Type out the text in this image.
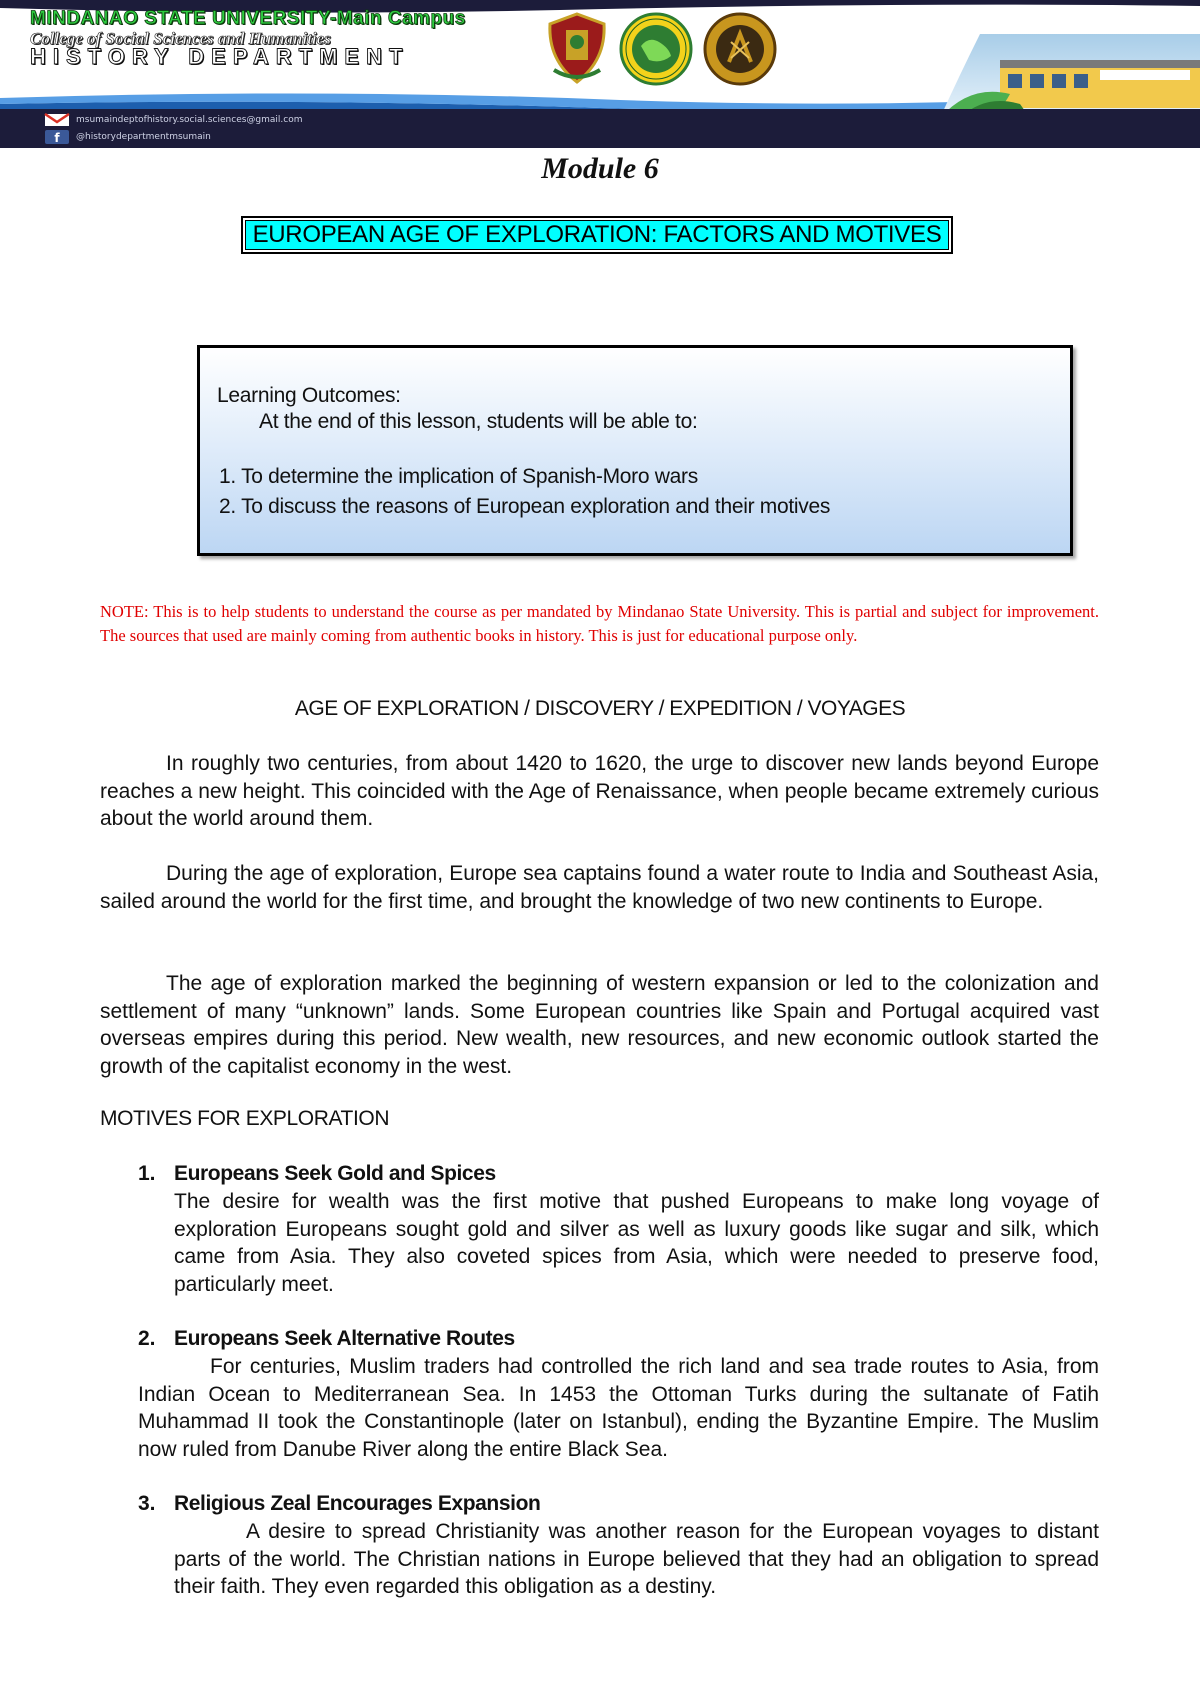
MINDANAO STATE UNIVERSITY-Main Campus
College of Social Sciences and Humanities
HISTORY DEPARTMENT
msumaindeptofhistory.social.sciences@gmail.com
f @historydepartmentmsumain
Module 6
EUROPEAN AGE OF EXPLORATION: FACTORS AND MOTIVES
Learning Outcomes:
At the end of this lesson, students will be able to:
1. To determine the implication of Spanish-Moro wars
2. To discuss the reasons of European exploration and their motives
NOTE: This is to help students to understand the course as per mandated by Mindanao State University. This is partial and subject for improvement. The sources that used are mainly coming from authentic books in history. This is just for educational purpose only.
AGE OF EXPLORATION / DISCOVERY / EXPEDITION / VOYAGES
In roughly two centuries, from about 1420 to 1620, the urge to discover new lands beyond Europe reaches a new height. This coincided with the Age of Renaissance, when people became extremely curious about the world around them.
During the age of exploration, Europe sea captains found a water route to India and Southeast Asia, sailed around the world for the first time, and brought the knowledge of two new continents to Europe.
The age of exploration marked the beginning of western expansion or led to the colonization and settlement of many “unknown” lands. Some European countries like Spain and Portugal acquired vast overseas empires during this period. New wealth, new resources, and new economic outlook started the growth of the capitalist economy in the west.
MOTIVES FOR EXPLORATION
1. Europeans Seek Gold and Spices
The desire for wealth was the first motive that pushed Europeans to make long voyage of exploration Europeans sought gold and silver as well as luxury goods like sugar and silk, which came from Asia. They also coveted spices from Asia, which were needed to preserve food, particularly meet.
2. Europeans Seek Alternative Routes
For centuries, Muslim traders had controlled the rich land and sea trade routes to Asia, from Indian Ocean to Mediterranean Sea. In 1453 the Ottoman Turks during the sultanate of Fatih Muhammad II took the Constantinople (later on Istanbul), ending the Byzantine Empire. The Muslim now ruled from Danube River along the entire Black Sea.
3. Religious Zeal Encourages Expansion
A desire to spread Christianity was another reason for the European voyages to distant parts of the world. The Christian nations in Europe believed that they had an obligation to spread their faith. They even regarded this obligation as a destiny.
